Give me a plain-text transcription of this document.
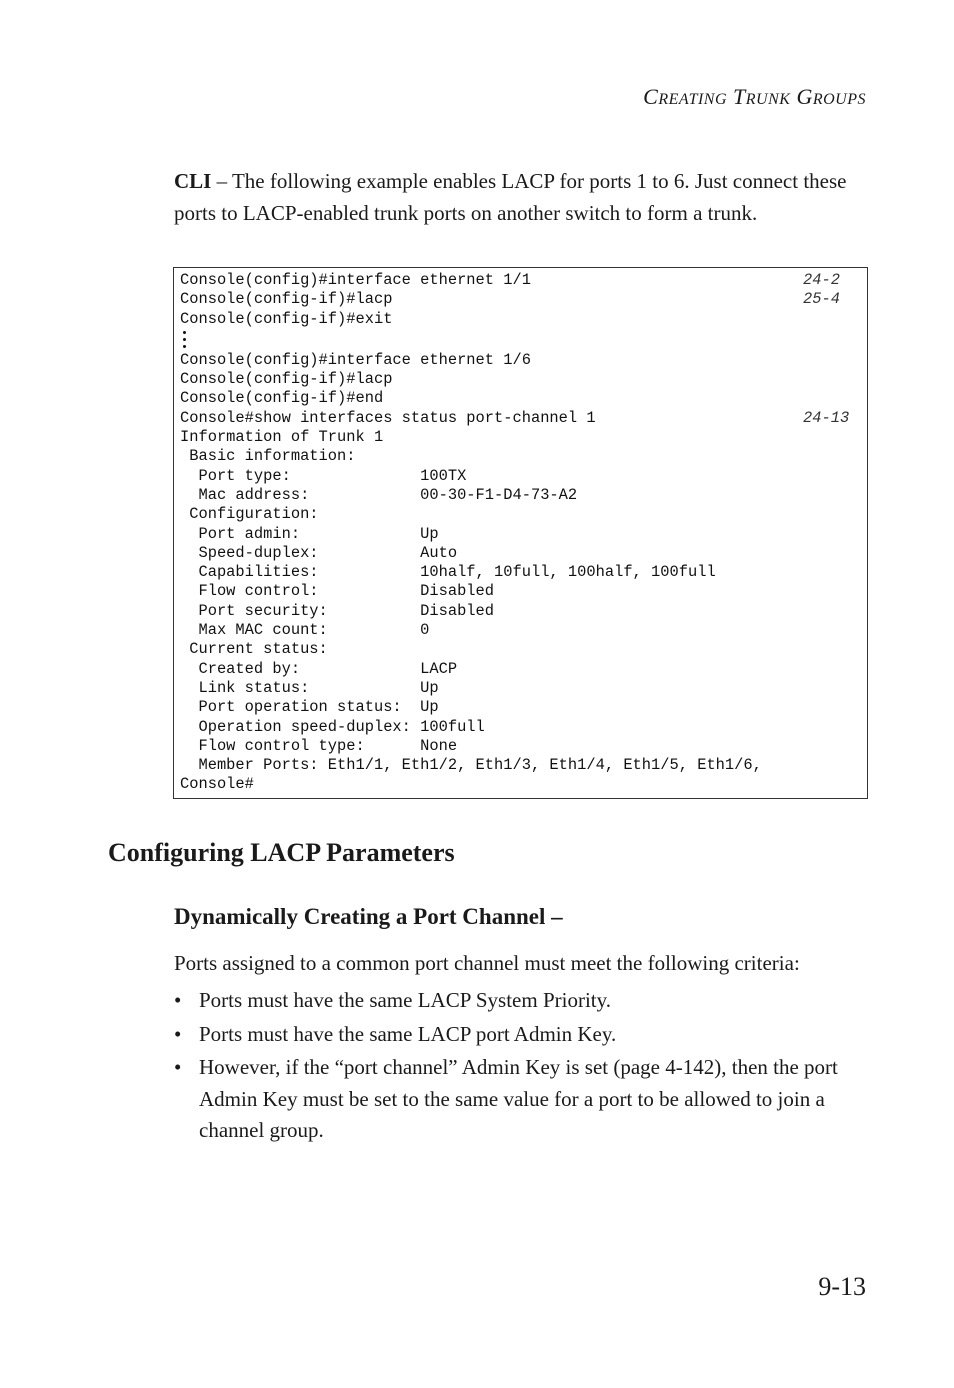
CREATING TRUNK GROUPS
CLI – The following example enables LACP for ports 1 to 6. Just connect these ports to LACP-enabled trunk ports on another switch to form a trunk.
Console(config)#interface ethernet 1/1	24-2
Console(config-if)#lacp	25-4
Console(config-if)#exit
Console(config)#interface ethernet 1/6
Console(config-if)#lacp
Console(config-if)#end
Console#show interfaces status port-channel 1	24-13
Information of Trunk 1
Basic information:
Port type:              100TX
Mac address:            00-30-F1-D4-73-A2
Configuration:
Port admin:             Up
Speed-duplex:           Auto
Capabilities:           10half, 10full, 100half, 100full
Flow control:           Disabled
Port security:          Disabled
Max MAC count:          0
Current status:
Created by:             LACP
Link status:            Up
Port operation status:  Up
Operation speed-duplex: 100full
Flow control type:      None
Member Ports: Eth1/1, Eth1/2, Eth1/3, Eth1/4, Eth1/5, Eth1/6,
Console#
Configuring LACP Parameters
Dynamically Creating a Port Channel –
Ports assigned to a common port channel must meet the following criteria:
• Ports must have the same LACP System Priority.
• Ports must have the same LACP port Admin Key.
• However, if the “port channel” Admin Key is set (page 4-142), then the port Admin Key must be set to the same value for a port to be allowed to join a channel group.
9-13
